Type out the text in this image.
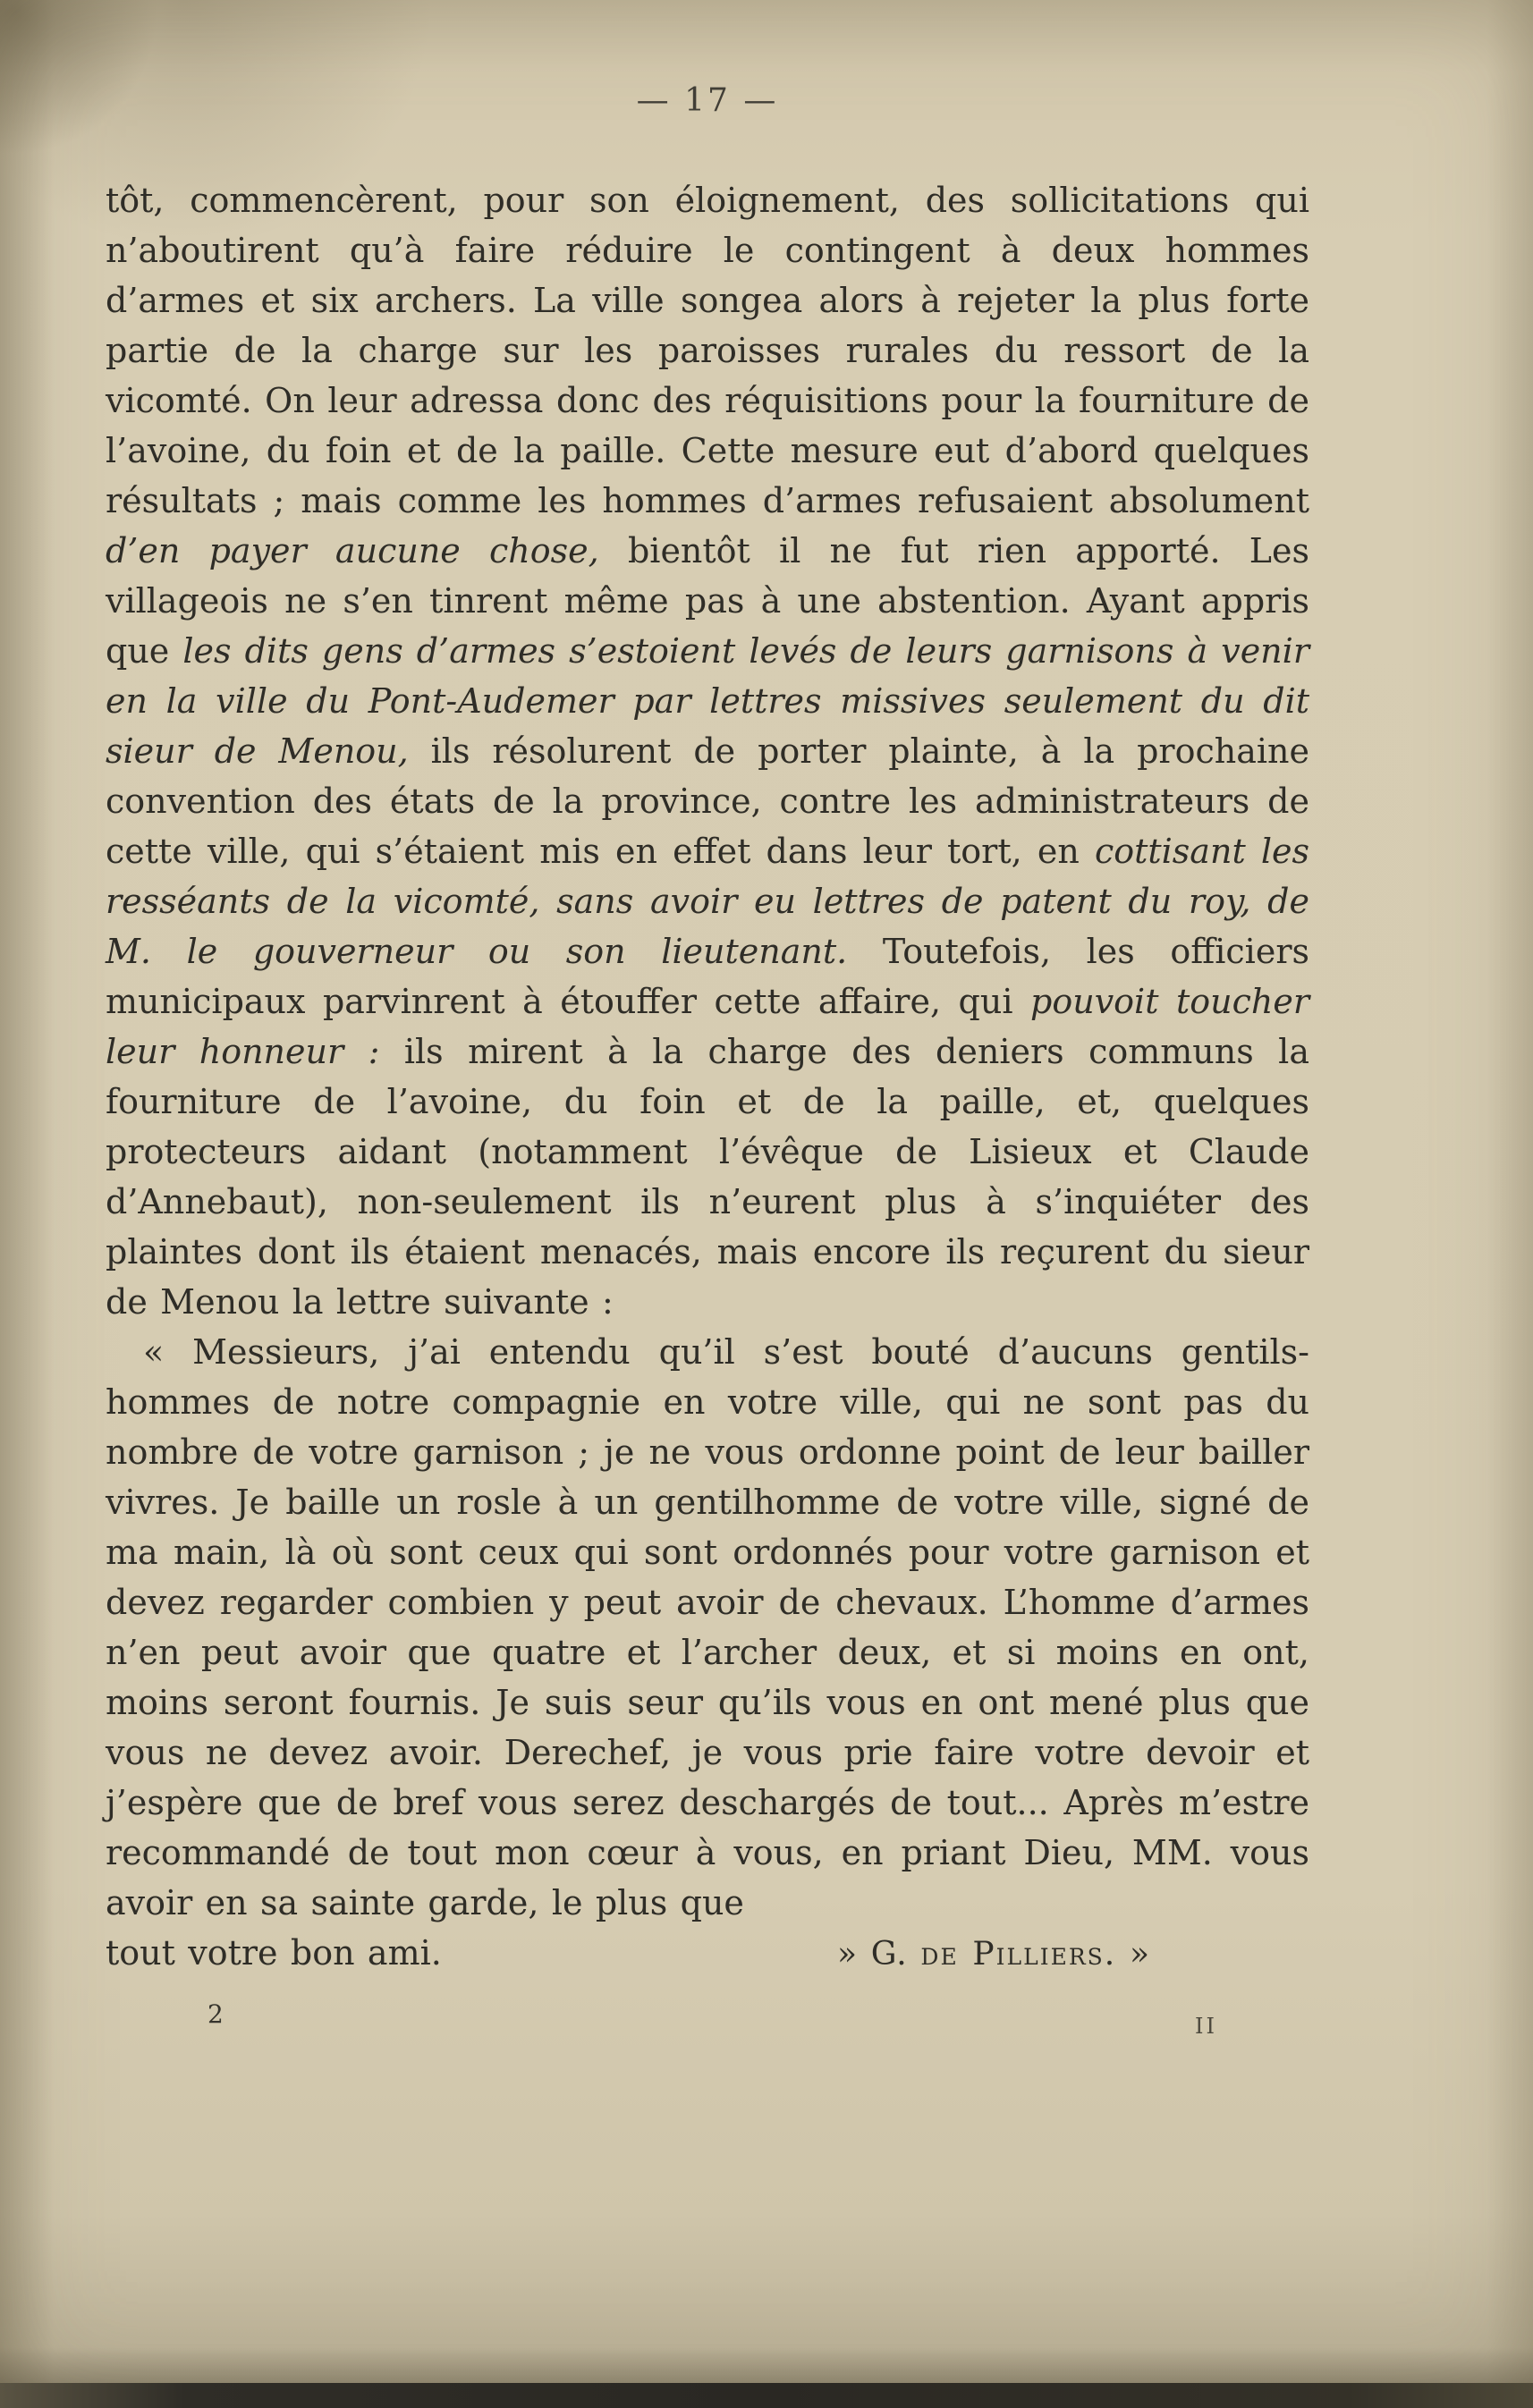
— 17 —

tôt, commencèrent, pour son éloignement, des sollicitations qui n’aboutirent qu’à faire réduire le contingent à deux hommes d’armes et six archers. La ville songea alors à rejeter la plus forte partie de la charge sur les paroisses rurales du ressort de la vicomté. On leur adressa donc des réquisitions pour la fourniture de l’avoine, du foin et de la paille. Cette mesure eut d’abord quelques résultats ; mais comme les hommes d’armes refusaient absolument d’en payer aucune chose, bientôt il ne fut rien apporté. Les villageois ne s’en tinrent même pas à une abstention. Ayant appris que les dits gens d’armes s’estoient levés de leurs garnisons à venir en la ville du Pont-Audemer par lettres missives seulement du dit sieur de Menou, ils résolurent de porter plainte, à la prochaine convention des états de la province, contre les administrateurs de cette ville, qui s’étaient mis en effet dans leur tort, en cottisant les resséants de la vicomté, sans avoir eu lettres de patent du roy, de M. le gouverneur ou son lieutenant. Toutefois, les officiers municipaux parvinrent à étouffer cette affaire, qui pouvoit toucher leur honneur : ils mirent à la charge des deniers communs la fourniture de l’avoine, du foin et de la paille, et, quelques protecteurs aidant (notamment l’évêque de Lisieux et Claude d’Annebaut), non-seulement ils n’eurent plus à s’inquiéter des plaintes dont ils étaient menacés, mais encore ils reçurent du sieur de Menou la lettre suivante :

« Messieurs, j’ai entendu qu’il s’est bouté d’aucuns gentils-hommes de notre compagnie en votre ville, qui ne sont pas du nombre de votre garnison ; je ne vous ordonne point de leur bailler vivres. Je baille un rosle à un gentilhomme de votre ville, signé de ma main, là où sont ceux qui sont ordonnés pour votre garnison et devez regarder combien y peut avoir de chevaux. L’homme d’armes n’en peut avoir que quatre et l’archer deux, et si moins en ont, moins seront fournis. Je suis seur qu’ils vous en ont mené plus que vous ne devez avoir. Derechef, je vous prie faire votre devoir et j’espère que de bref vous serez deschargés de tout... Après m’estre recommandé de tout mon cœur à vous, en priant Dieu, MM. vous avoir en sa sainte garde, le plus que

tout votre bon ami.	» G. de Pilliers. »
2	II
